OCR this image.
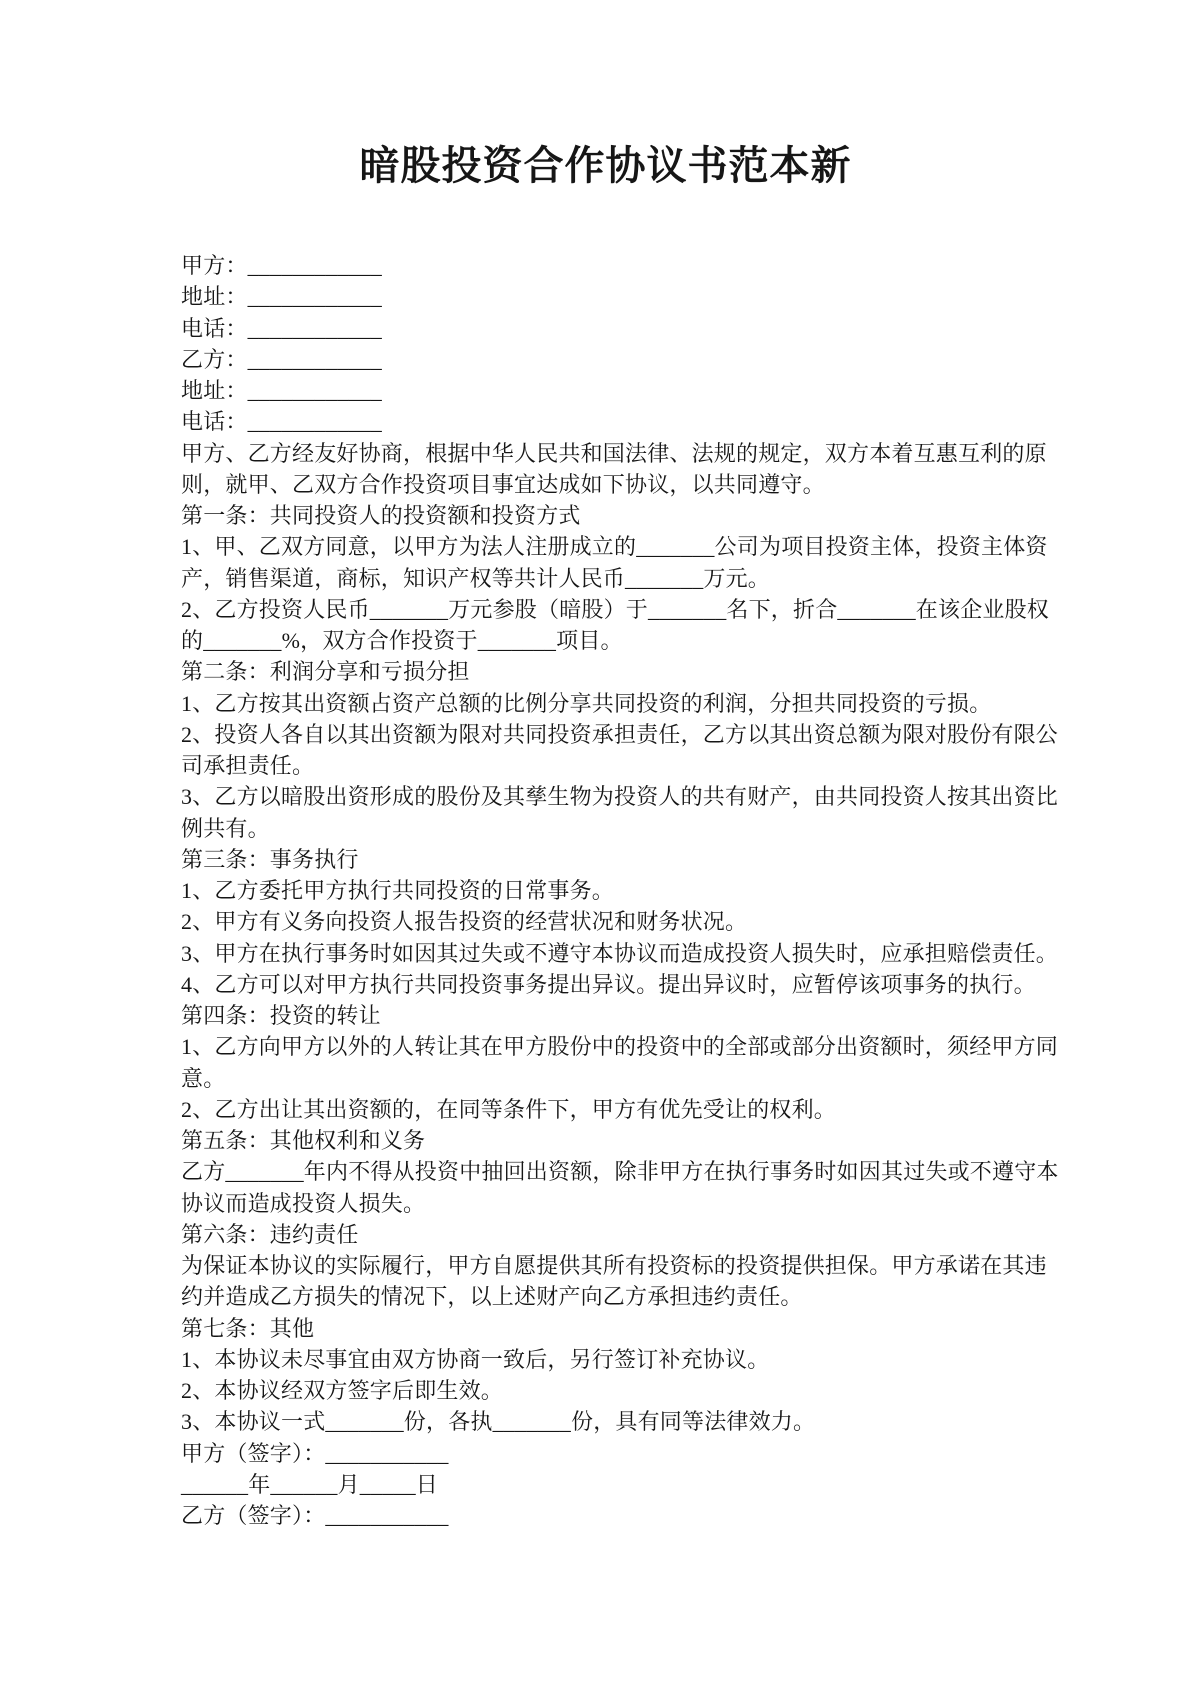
暗股投资合作协议书范本新
甲方：____________
地址：____________
电话：____________
乙方：____________
地址：____________
电话：____________
甲方、乙方经友好协商，根据中华人民共和国法律、法规的规定，双方本着互惠互利的原
则，就甲、乙双方合作投资项目事宜达成如下协议，以共同遵守。
第一条：共同投资人的投资额和投资方式
1、甲、乙双方同意，以甲方为法人注册成立的_______公司为项目投资主体，投资主体资
产，销售渠道，商标，知识产权等共计人民币_______万元。
2、乙方投资人民币_______万元参股（暗股）于_______名下，折合_______在该企业股权
的_______%，双方合作投资于_______项目。
第二条：利润分享和亏损分担
1、乙方按其出资额占资产总额的比例分享共同投资的利润，分担共同投资的亏损。
2、投资人各自以其出资额为限对共同投资承担责任，乙方以其出资总额为限对股份有限公
司承担责任。
3、乙方以暗股出资形成的股份及其孳生物为投资人的共有财产，由共同投资人按其出资比
例共有。
第三条：事务执行
1、乙方委托甲方执行共同投资的日常事务。
2、甲方有义务向投资人报告投资的经营状况和财务状况。
3、甲方在执行事务时如因其过失或不遵守本协议而造成投资人损失时，应承担赔偿责任。
4、乙方可以对甲方执行共同投资事务提出异议。提出异议时，应暂停该项事务的执行。
第四条：投资的转让
1、乙方向甲方以外的人转让其在甲方股份中的投资中的全部或部分出资额时，须经甲方同
意。
2、乙方出让其出资额的，在同等条件下，甲方有优先受让的权利。
第五条：其他权利和义务
乙方_______年内不得从投资中抽回出资额，除非甲方在执行事务时如因其过失或不遵守本
协议而造成投资人损失。
第六条：违约责任
为保证本协议的实际履行，甲方自愿提供其所有投资标的投资提供担保。甲方承诺在其违
约并造成乙方损失的情况下，以上述财产向乙方承担违约责任。
第七条：其他
1、本协议未尽事宜由双方协商一致后，另行签订补充协议。
2、本协议经双方签字后即生效。
3、本协议一式_______份，各执_______份，具有同等法律效力。
甲方（签字）：___________
______年______月_____日
乙方（签字）：___________
